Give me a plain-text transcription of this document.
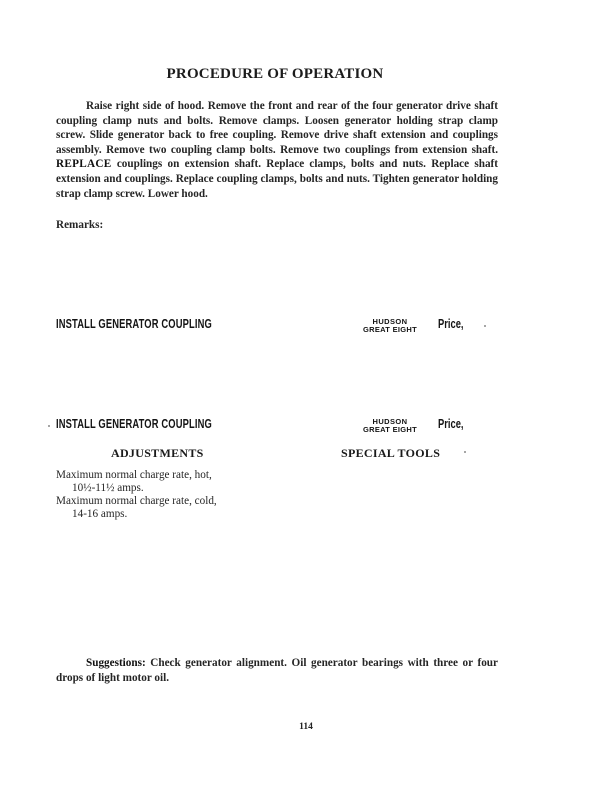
PROCEDURE OF OPERATION
Raise right side of hood. Remove the front and rear of the four generator drive shaft coupling clamp nuts and bolts. Remove clamps. Loosen generator holding strap clamp screw. Slide generator back to free coupling. Remove drive shaft extension and couplings assembly. Remove two coupling clamp bolts. Remove two couplings from extension shaft. REPLACE couplings on extension shaft. Replace clamps, bolts and nuts. Replace shaft extension and couplings. Replace coupling clamps, bolts and nuts. Tighten generator holding strap clamp screw. Lower hood.
Remarks:
INSTALL GENERATOR COUPLING	HUDSON
GREAT EIGHT	Price,
INSTALL GENERATOR COUPLING	HUDSON
GREAT EIGHT	Price,
ADJUSTMENTS	SPECIAL TOOLS
Maximum normal charge rate, hot,
10½-11½ amps.
Maximum normal charge rate, cold,
14-16 amps.
Suggestions: Check generator alignment. Oil generator bearings with three or four drops of light motor oil.
114
